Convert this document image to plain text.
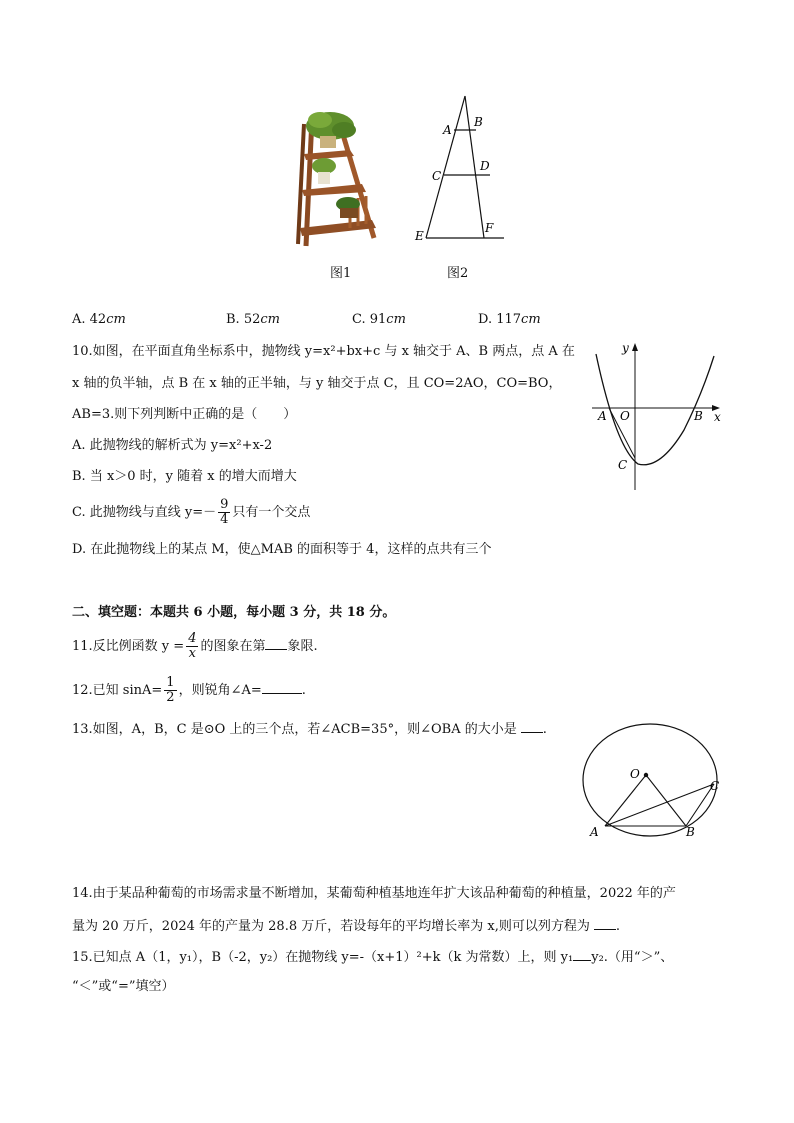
图1
A
B
C
D
E
F
图2
A. 42cm	B. 52cm	C. 91cm	D. 117cm
10.如图，在平面直角坐标系中，抛物线 y=x²+bx+c 与 x 轴交于 A、B 两点，点 A 在
x 轴的负半轴，点 B 在 x 轴的正半轴，与 y 轴交于点 C，且 CO=2AO，CO=BO，
AB=3.则下列判断中正确的是（　　）
A. 此抛物线的解析式为 y=x²+x-2
B. 当 x＞0 时，y 随着 x 的增大而增大
C. 此抛物线与直线 $y=- \frac{9}{4}$ 只有一个交点
D. 在此抛物线上的某点 M，使△MAB 的面积等于 4，这样的点共有三个
y
x
A O	B
C
二、填空题：本题共 6 小题，每小题 3 分，共 18 分。
11.反比例函数 $y = \frac{4}{x}$ 的图象在第 象限.
12.已知 $\sin A= \frac{1}{2}$ ，则锐角∠A=	.
13.如图，A，B，C 是⊙O 上的三个点，若∠ACB=35°，则∠OBA 的大小是 .
O
A	B
C
14.由于某品种葡萄的市场需求量不断增加，某葡萄种植基地连年扩大该品种葡萄的种植量，2022 年的产
量为 20 万斤，2024 年的产量为 28.8 万斤，若设每年的平均增长率为 x,则可以列方程为 .
15.已知点 A（1，y₁），B（-2，y₂）在抛物线 y=-（x+1）²+k（k 为常数）上，则 y₁ y₂.（用“＞”、
“＜”或“=”填空）
